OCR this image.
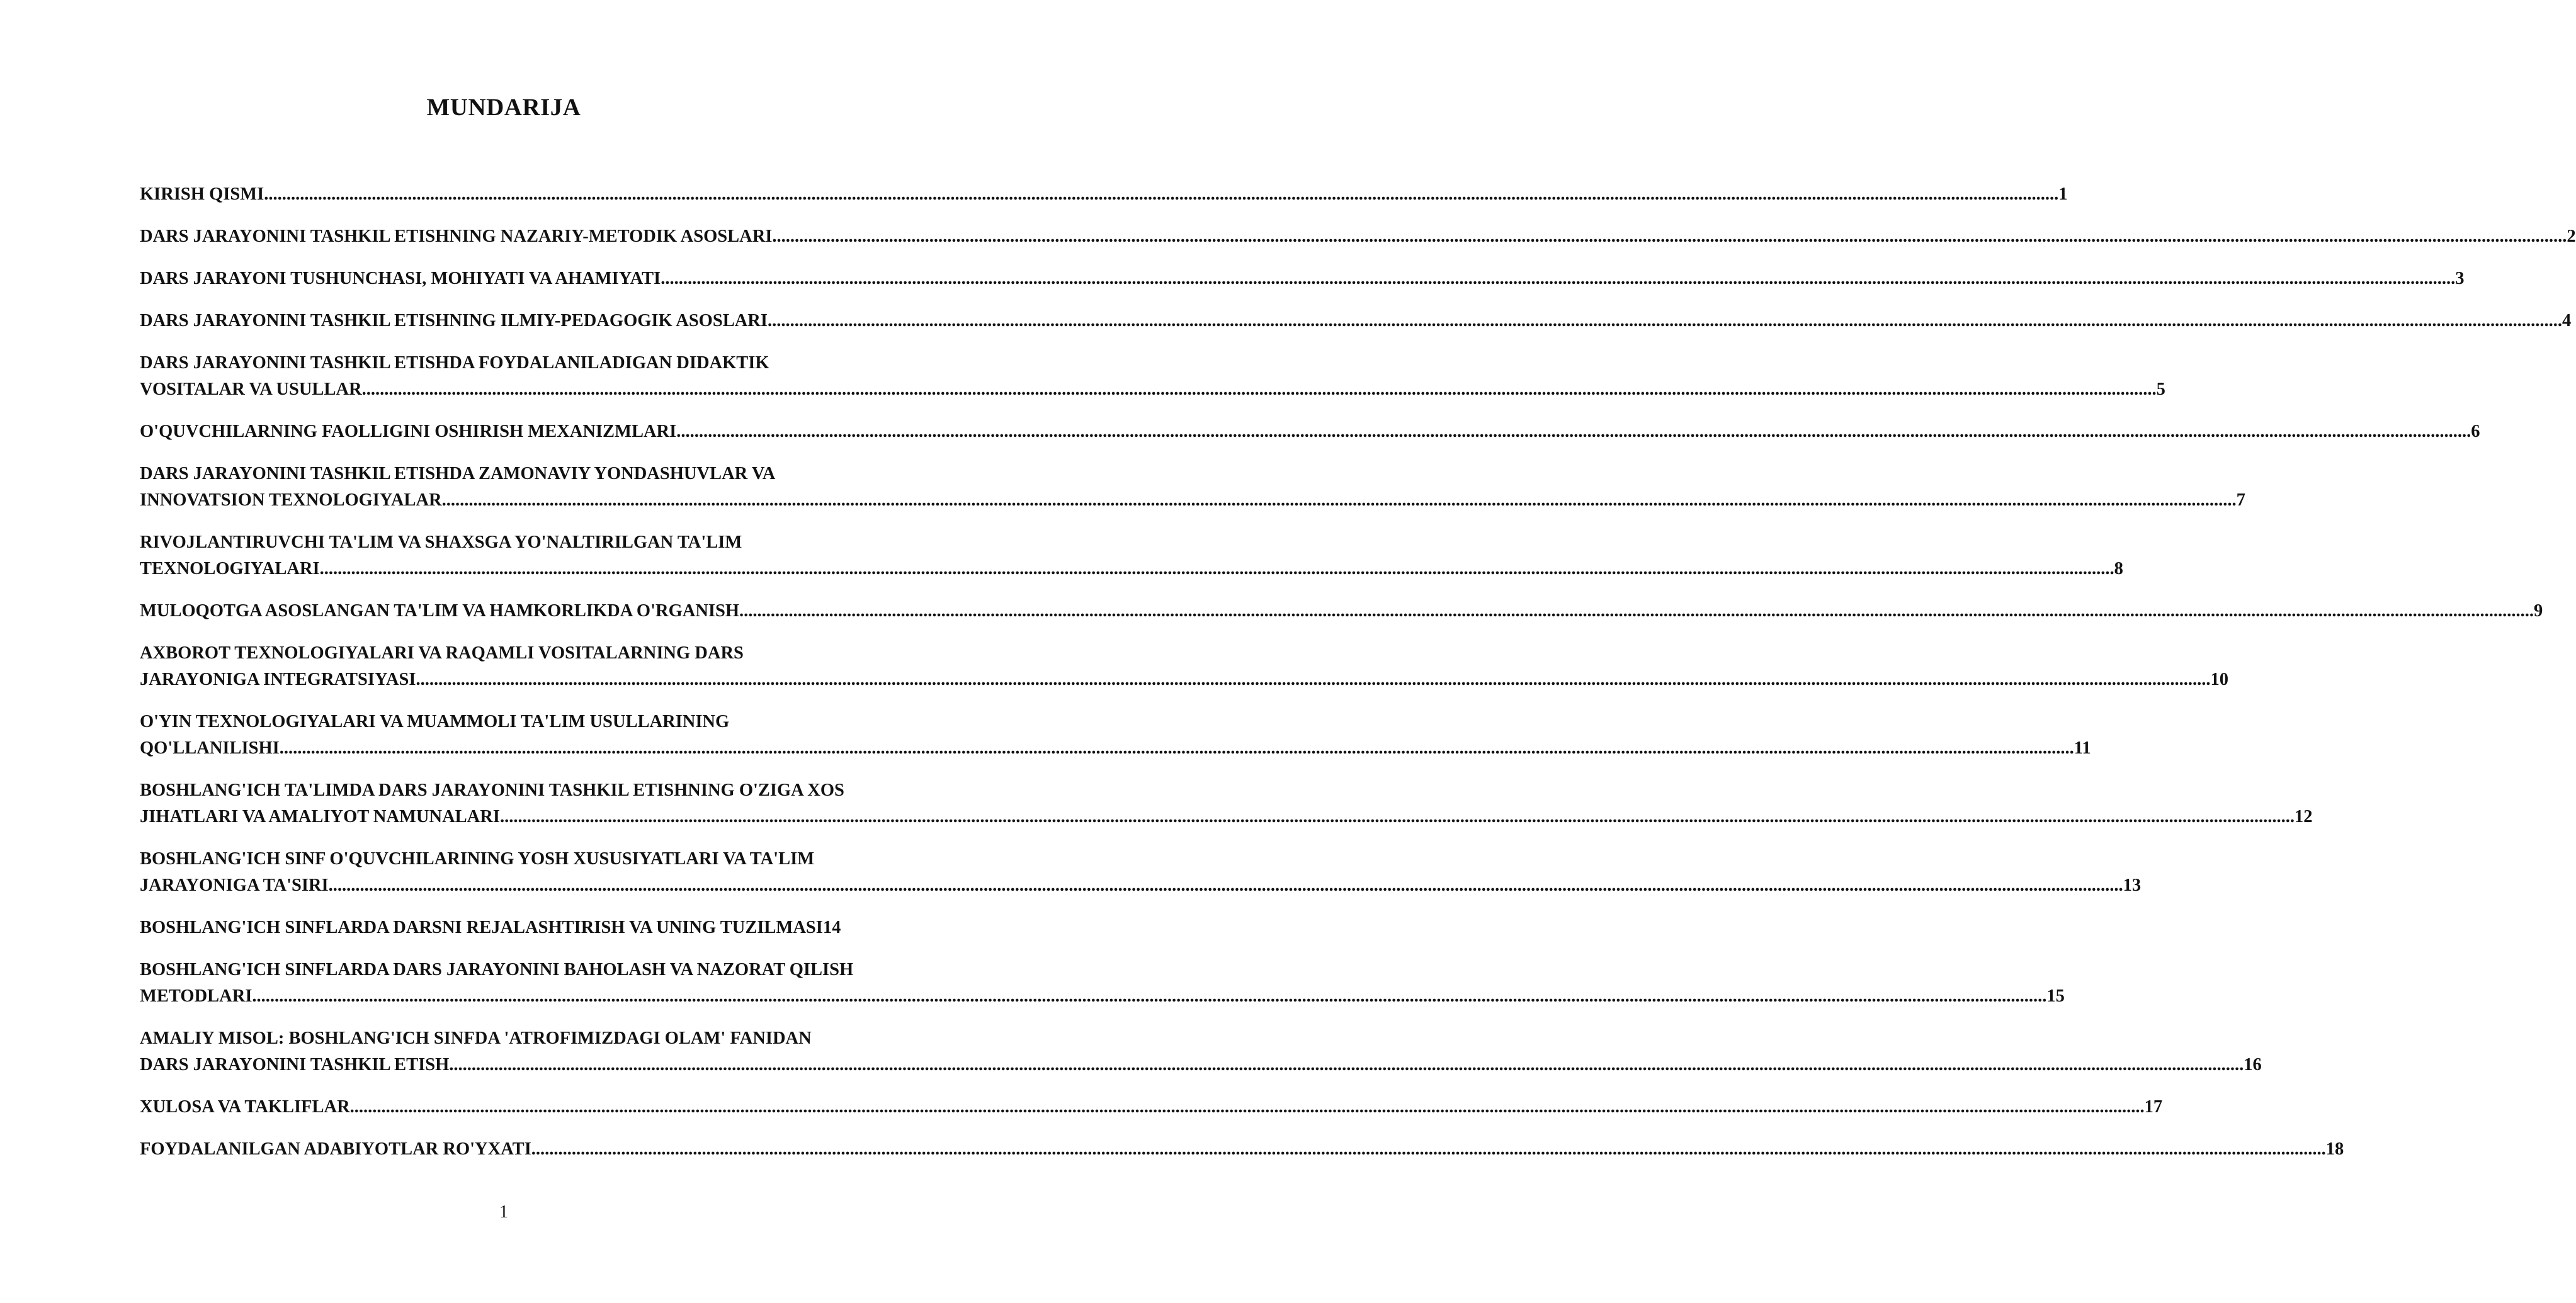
MUNDARIJA
KIRISH QISMI ................................................................................................................................................................................................................................................................................................................................................................................................................ 1
DARS JARAYONINI TASHKIL ETISHNING NAZARIY-METODIK ASOSLARI ................................................................................................................................................................................................................................................................................................................................................................................................................ 2
DARS JARAYONI TUSHUNCHASI, MOHIYATI VA AHAMIYATI ................................................................................................................................................................................................................................................................................................................................................................................................................ 3
DARS JARAYONINI TASHKIL ETISHNING ILMIY-PEDAGOGIK ASOSLARI ................................................................................................................................................................................................................................................................................................................................................................................................................ 4
DARS JARAYONINI TASHKIL ETISHDA FOYDALANILADIGAN DIDAKTIK
VOSITALAR VA USULLAR ................................................................................................................................................................................................................................................................................................................................................................................................................ 5
O'QUVCHILARNING FAOLLIGINI OSHIRISH MEXANIZMLARI ................................................................................................................................................................................................................................................................................................................................................................................................................ 6
DARS JARAYONINI TASHKIL ETISHDA ZAMONAVIY YONDASHUVLAR VA
INNOVATSION TEXNOLOGIYALAR ................................................................................................................................................................................................................................................................................................................................................................................................................ 7
RIVOJLANTIRUVCHI TA'LIM VA SHAXSGA YO'NALTIRILGAN TA'LIM
TEXNOLOGIYALARI ................................................................................................................................................................................................................................................................................................................................................................................................................ 8
MULOQOTGA ASOSLANGAN TA'LIM VA HAMKORLIKDA O'RGANISH ................................................................................................................................................................................................................................................................................................................................................................................................................ 9
AXBOROT TEXNOLOGIYALARI VA RAQAMLI VOSITALARNING DARS
JARAYONIGA INTEGRATSIYASI ................................................................................................................................................................................................................................................................................................................................................................................................................ 10
O'YIN TEXNOLOGIYALARI VA MUAMMOLI TA'LIM USULLARINING
QO'LLANILISHI ................................................................................................................................................................................................................................................................................................................................................................................................................ 11
BOSHLANG'ICH TA'LIMDA DARS JARAYONINI TASHKIL ETISHNING O'ZIGA XOS
JIHATLARI VA AMALIYOT NAMUNALARI ................................................................................................................................................................................................................................................................................................................................................................................................................ 12
BOSHLANG'ICH SINF O'QUVCHILARINING YOSH XUSUSIYATLARI VA TA'LIM
JARAYONIGA TA'SIRI ................................................................................................................................................................................................................................................................................................................................................................................................................ 13
BOSHLANG'ICH SINFLARDA DARSNI REJALASHTIRISH VA UNING TUZILMASI 14
BOSHLANG'ICH SINFLARDA DARS JARAYONINI BAHOLASH VA NAZORAT QILISH
METODLARI ................................................................................................................................................................................................................................................................................................................................................................................................................ 15
AMALIY MISOL: BOSHLANG'ICH SINFDA 'ATROFIMIZDAGI OLAM' FANIDAN
DARS JARAYONINI TASHKIL ETISH ................................................................................................................................................................................................................................................................................................................................................................................................................ 16
XULOSA VA TAKLIFLAR ................................................................................................................................................................................................................................................................................................................................................................................................................ 17
FOYDALANILGAN ADABIYOTLAR RO'YXATI ................................................................................................................................................................................................................................................................................................................................................................................................................ 18

1
